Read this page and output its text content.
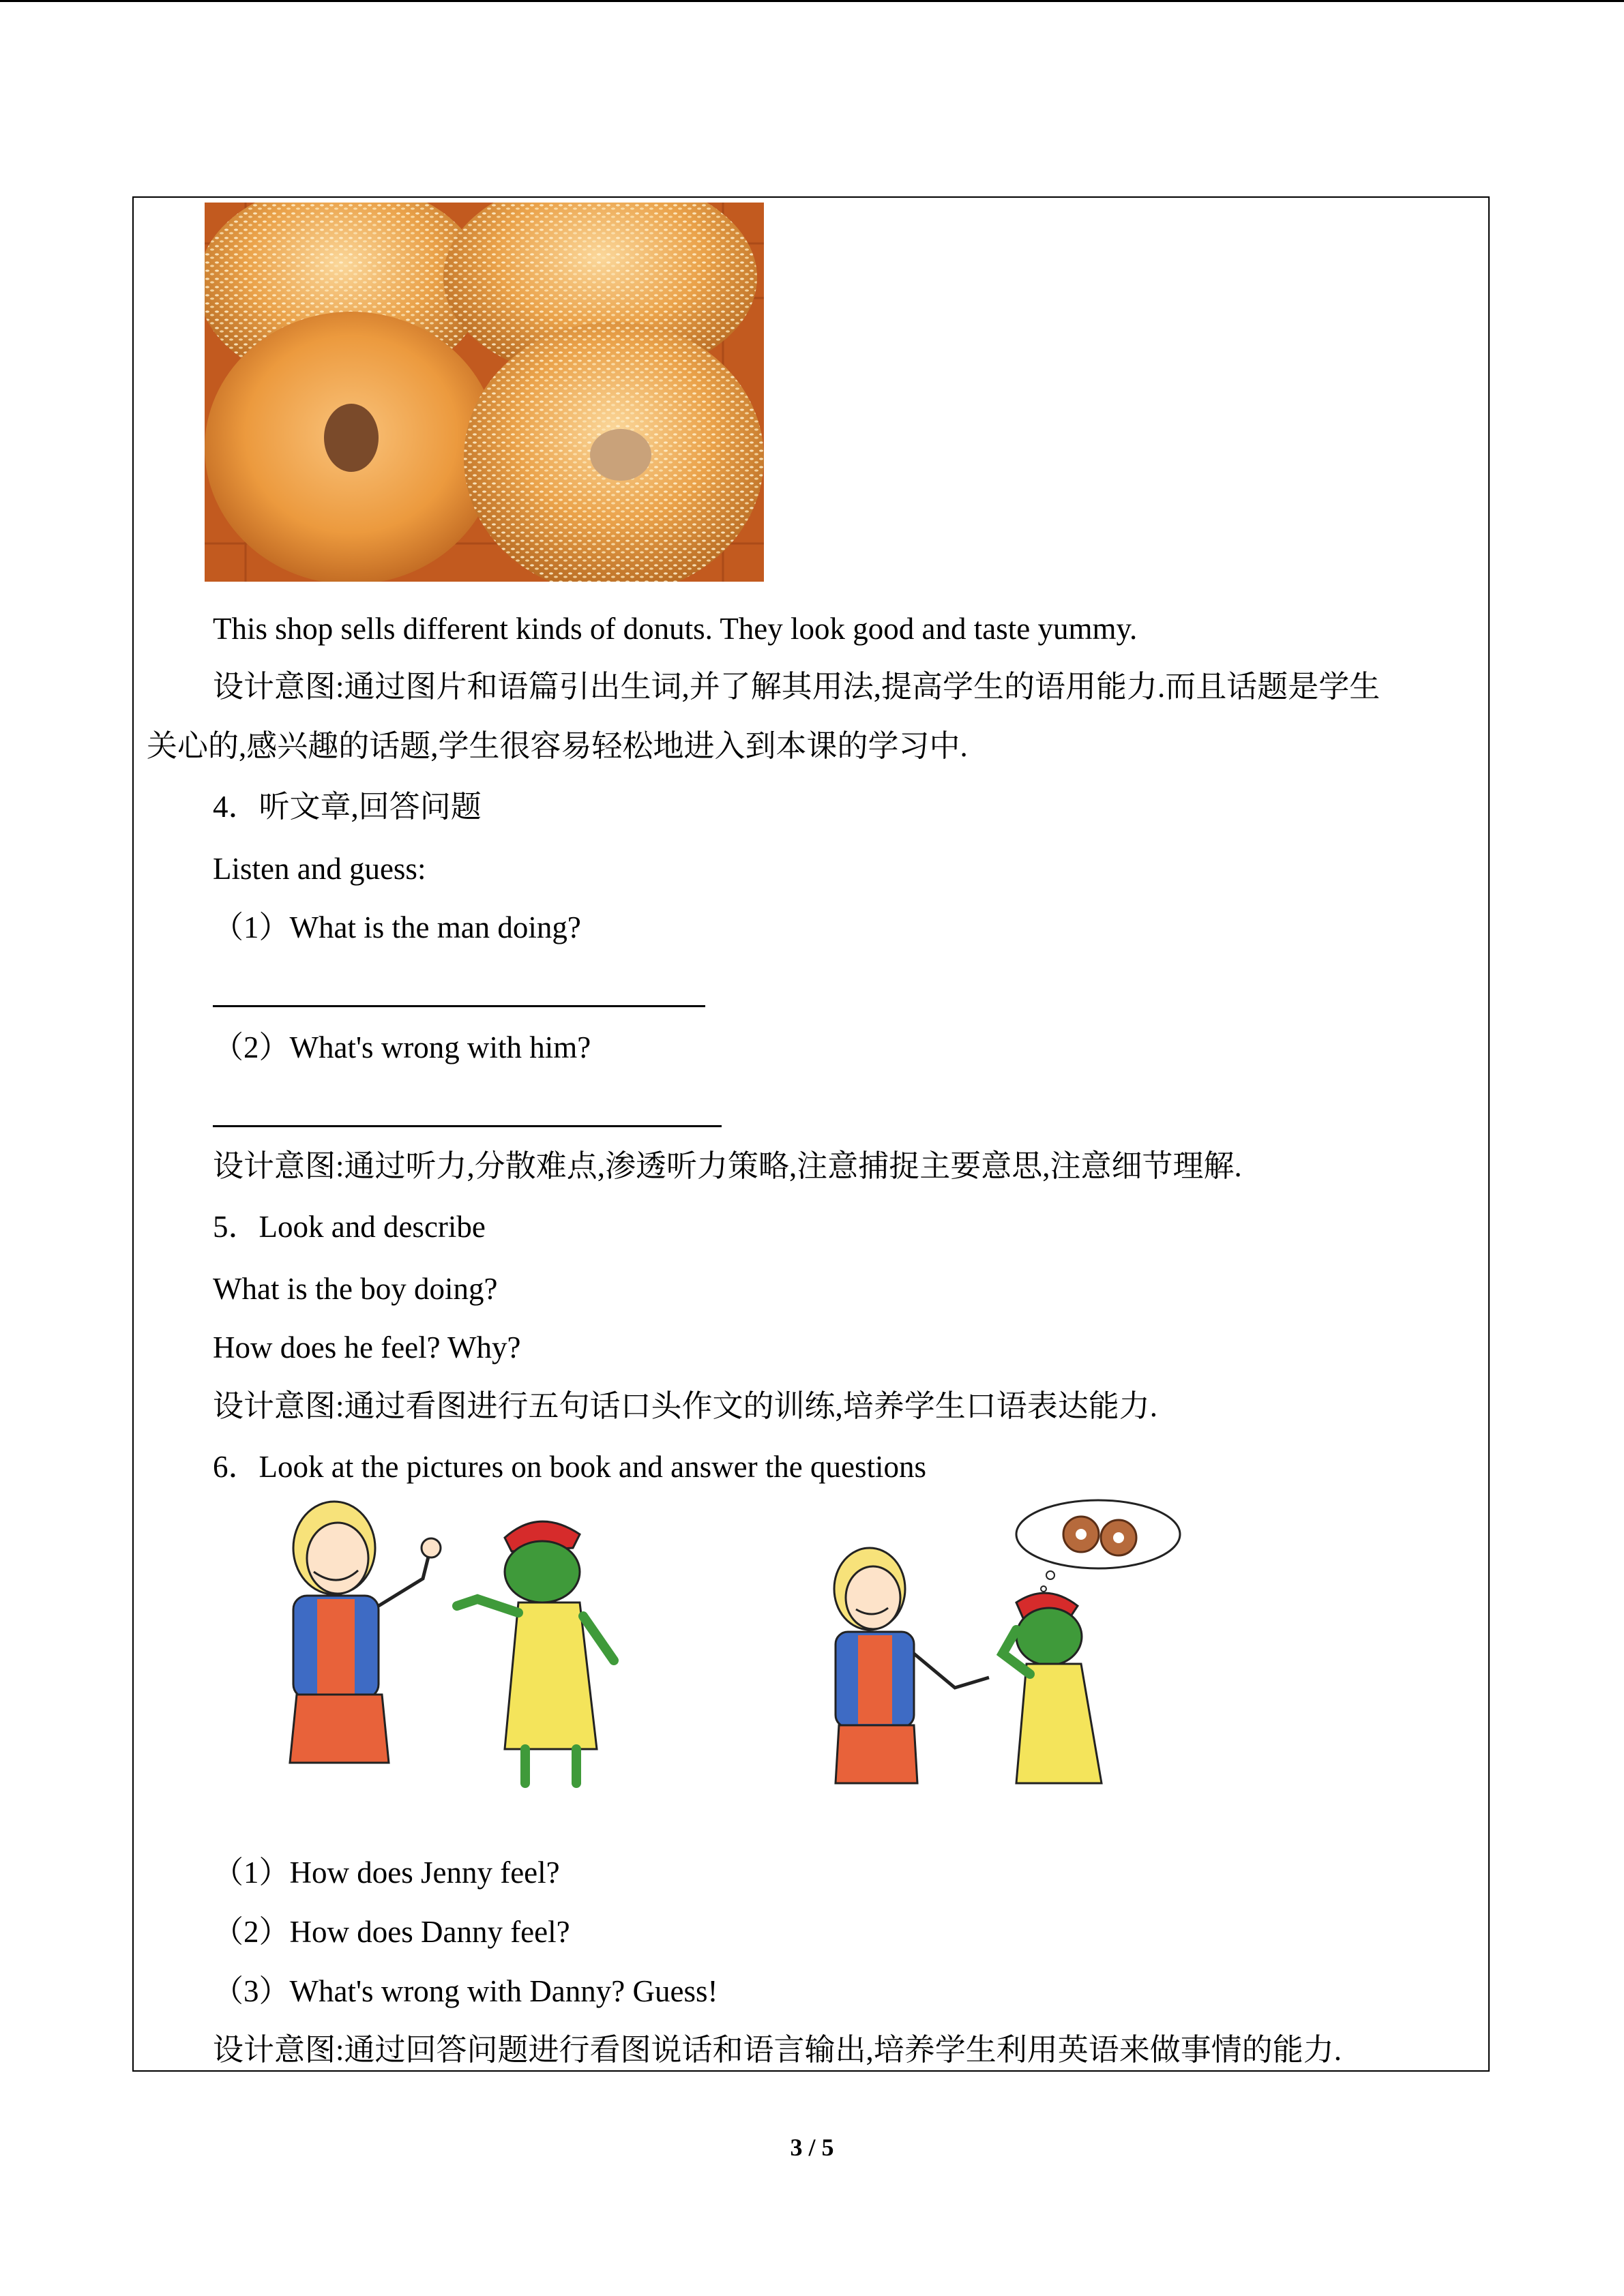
This shop sells different kinds of donuts. They look good and taste yummy.
设计意图:通过图片和语篇引出生词,并了解其用法,提高学生的语用能力.而且话题是学生
关心的,感兴趣的话题,学生很容易轻松地进入到本课的学习中.
4．听文章,回答问题
Listen and guess:
（1）What is the man doing?
（2）What's wrong with him?
设计意图:通过听力,分散难点,渗透听力策略,注意捕捉主要意思,注意细节理解.
5．Look and describe
What is the boy doing?
How does he feel? Why?
设计意图:通过看图进行五句话口头作文的训练,培养学生口语表达能力.
6．Look at the pictures on book and answer the questions
（1）How does Jenny feel?
（2）How does Danny feel?
（3）What's wrong with Danny? Guess!
设计意图:通过回答问题进行看图说话和语言输出,培养学生利用英语来做事情的能力.
3 / 5
